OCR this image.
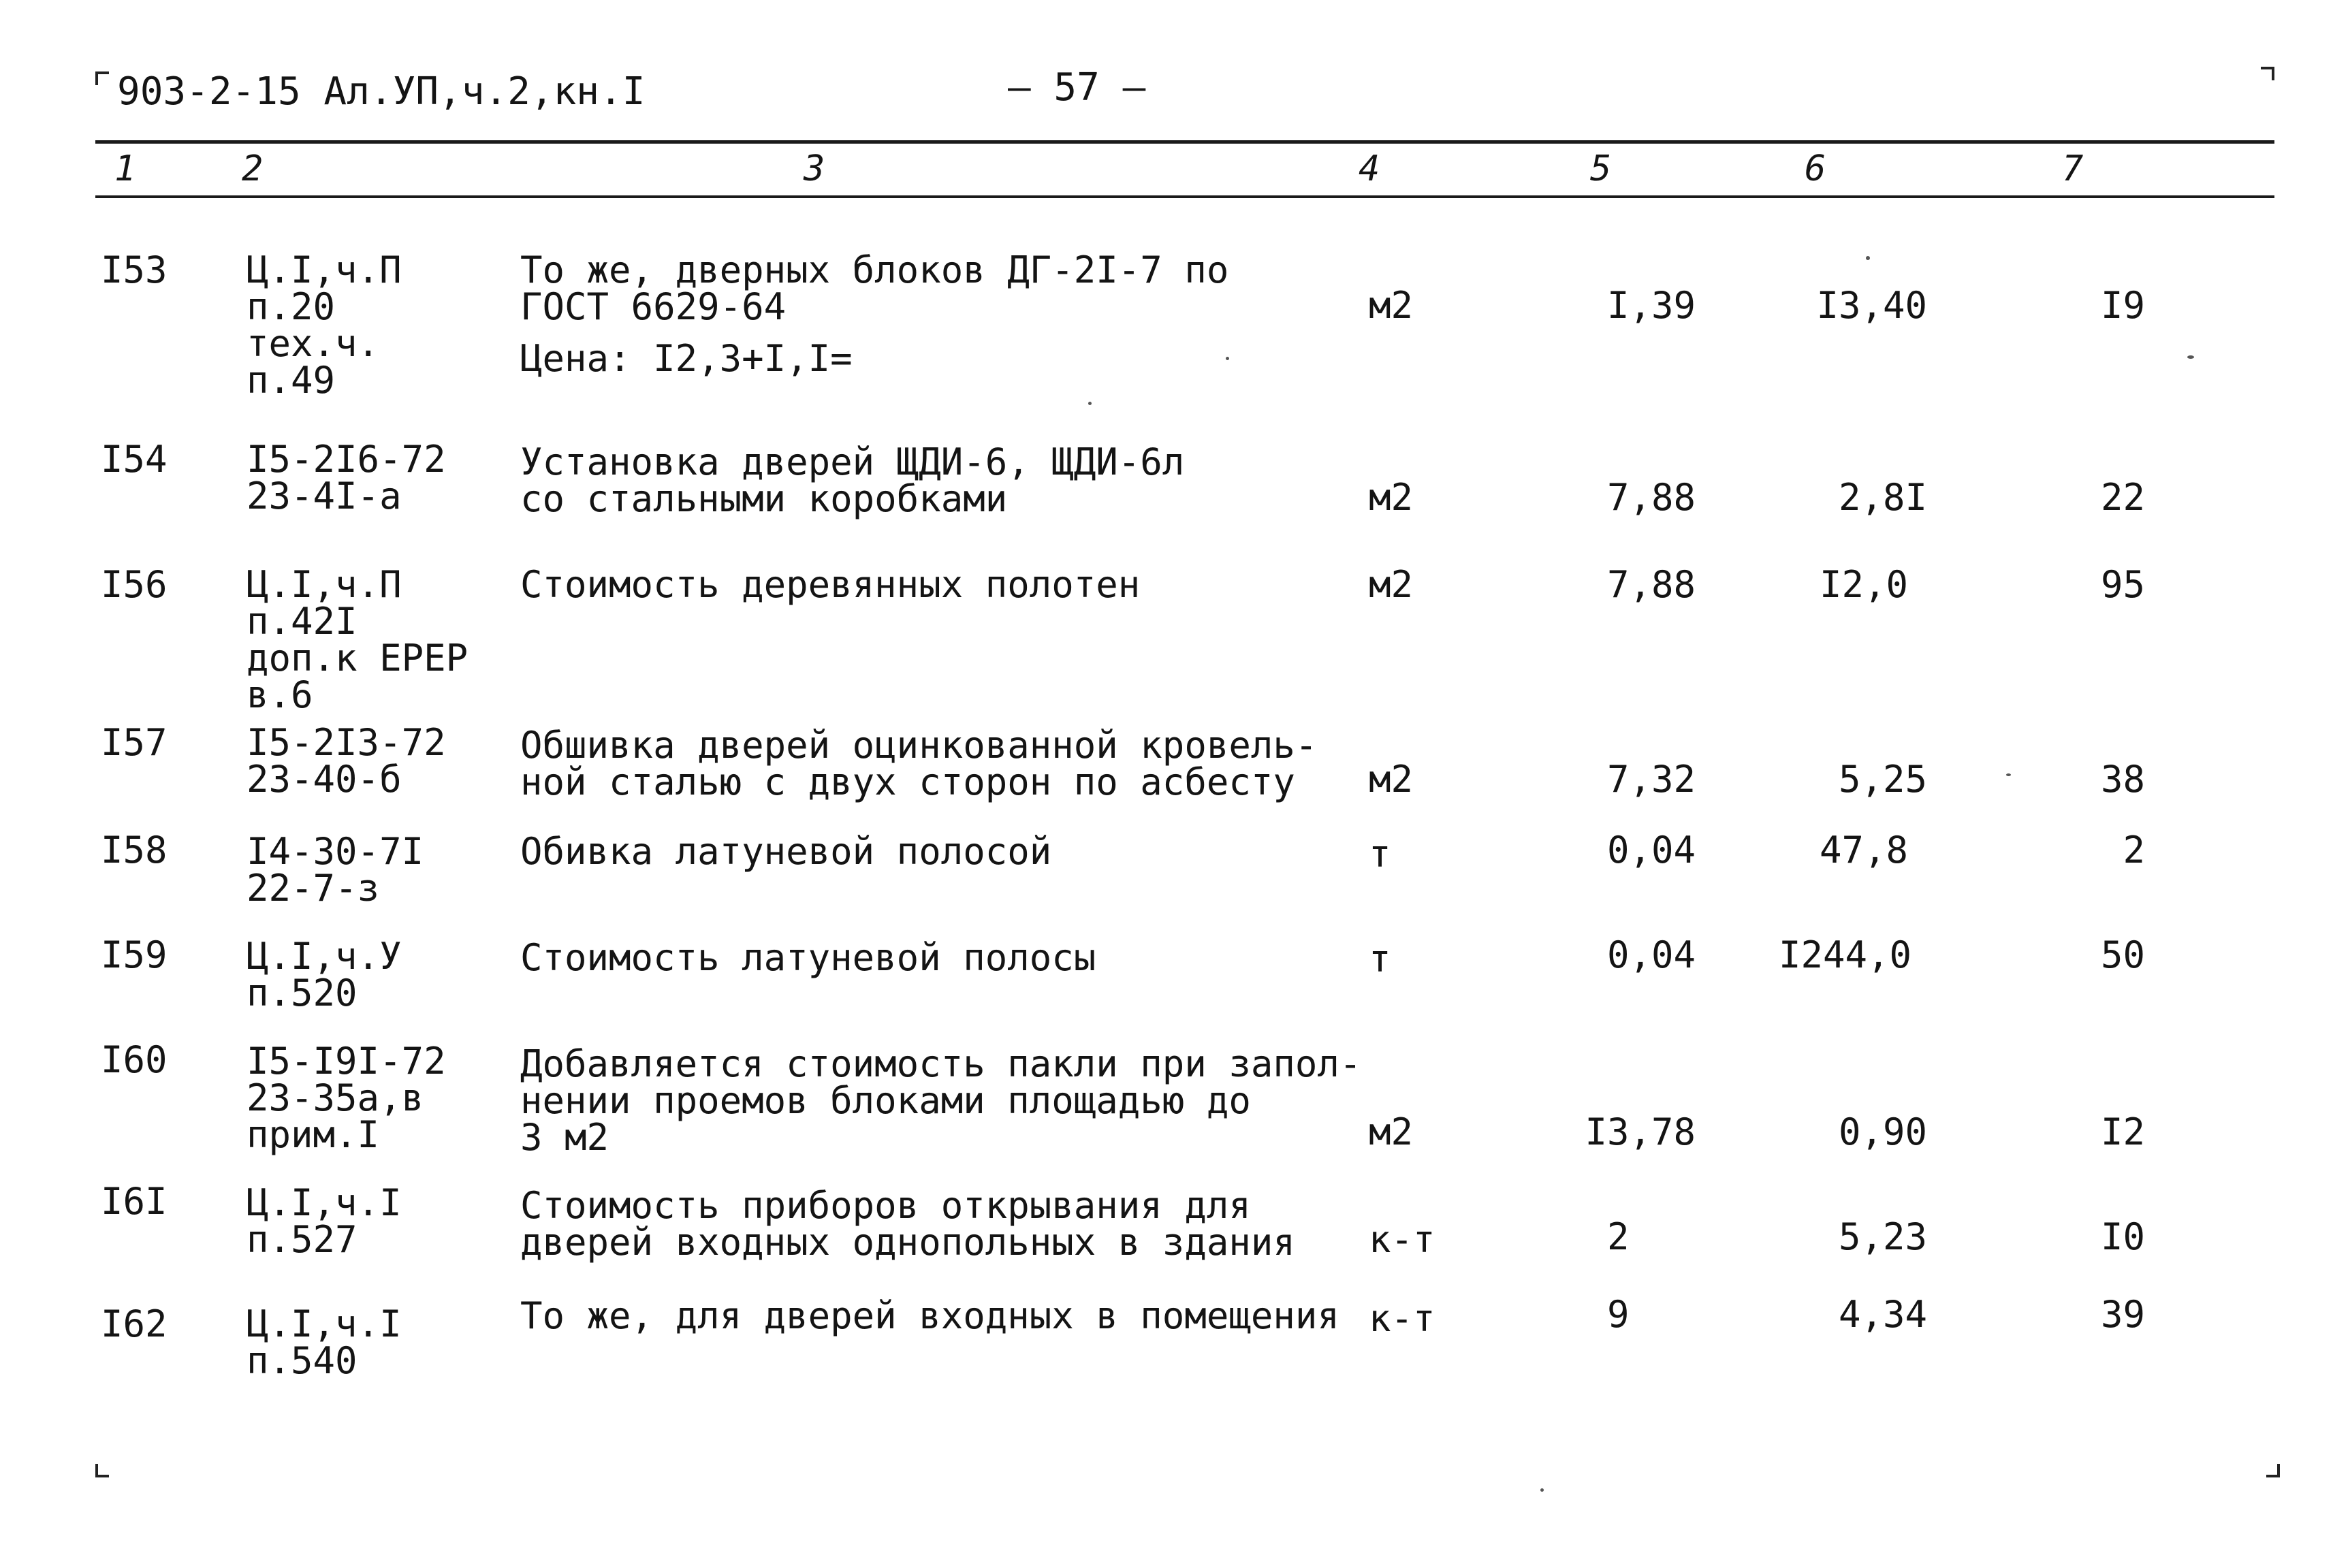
903-2-15 Ал.УП,ч.2,кн.I	— 57 —
1	2	3	4	5	6	7
I53 Ц.I,ч.П
п.20
тех.ч.
п.49
То же, дверных блоков ДГ-2I-7 по
ГОСТ 6629-64
Цена: I2,3+I,I=
м2	I,39	I3,40	I9
I54 I5-2I6-72
23-4I-а
Установка дверей ЩДИ-6, ЩДИ-6л
со стальными коробками	м2	7,88	2,8I	22
I56 Ц.I,ч.П
п.42I
доп.к ЕРЕР
в.6
Стоимость деревянных полотен	м2	7,88	I2,0	95
I57 I5-2I3-72
23-40-б
Обшивка дверей оцинкованной кровель-
ной сталью с двух сторон по асбесту	м2	7,32	5,25	38
I58 I4-30-7I
22-7-з
Обивка латуневой полосой	т	0,04	47,8	2
I59 Ц.I,ч.У
п.520
Стоимость латуневой полосы	т	0,04 I244,0	50
I60 I5-I9I-72
23-35а,в
прим.I
Добавляется стоимость пакли при запол-
нении проемов блоками площадью до
3 м2	м2	I3,78	0,90	I2
I6I Ц.I,ч.I
п.527
Стоимость приборов открывания для
дверей входных однопольных в здания к-т	2	5,23	I0
I62 Ц.I,ч.I
п.540
То же, для дверей входных в помещения к-т	9	4,34	39
